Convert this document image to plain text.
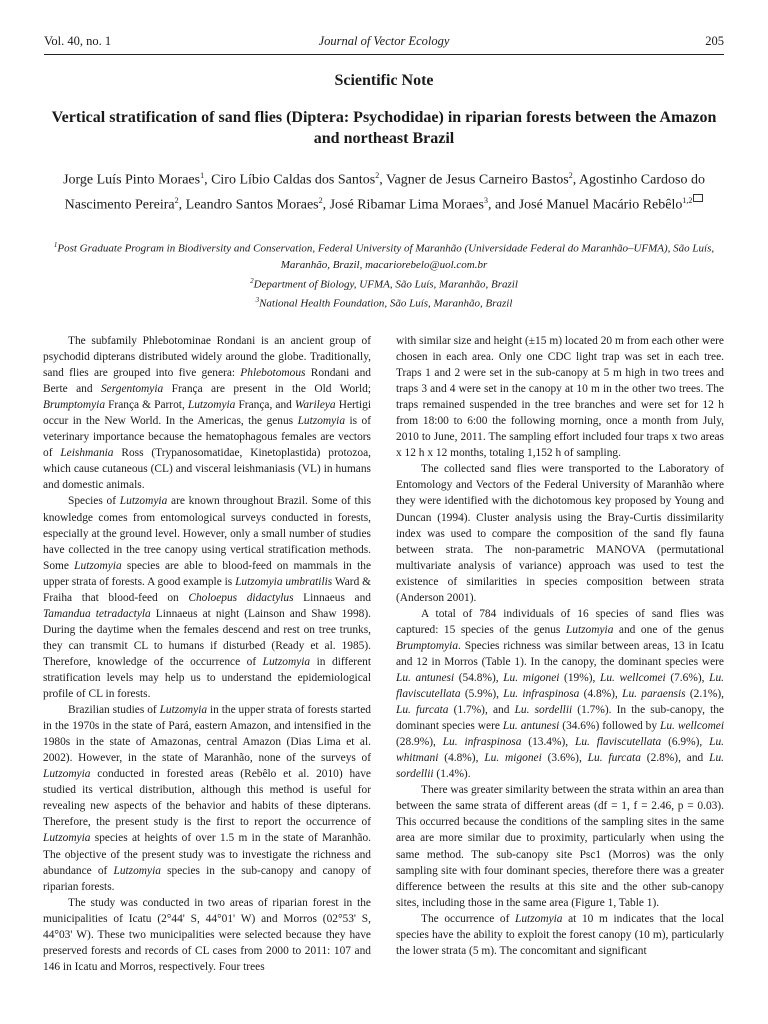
Vol. 40, no. 1	Journal of Vector Ecology	205
Scientific Note
Vertical stratification of sand flies (Diptera: Psychodidae) in riparian forests between the Amazon and northeast Brazil
Jorge Luís Pinto Moraes$^1$, Ciro Líbio Caldas dos Santos$^2$, Vagner de Jesus Carneiro Bastos$^2$, Agostinho Cardoso do Nascimento Pereira$^2$, Leandro Santos Moraes$^2$, José Ribamar Lima Moraes$^3$, and José Manuel Macário Rebêlo$^{1,2}$
$^1$Post Graduate Program in Biodiversity and Conservation, Federal University of Maranhão (Universidade Federal do Maranhão–UFMA), São Luís, Maranhão, Brazil, macariorebelo@uol.com.br
$^2$Department of Biology, UFMA, São Luís, Maranhão, Brazil
$^3$National Health Foundation, São Luís, Maranhão, Brazil

The subfamily Phlebotominae Rondani is an ancient group of psychodid dipterans distributed widely around the globe. Traditionally, sand flies are grouped into five genera: Phlebotomous Rondani and Berte and Sergentomyia França are present in the Old World; Brumptomyia França & Parrot, Lutzomyia França, and Warileya Hertigi occur in the New World. In the Americas, the genus Lutzomyia is of veterinary importance because the hematophagous females are vectors of Leishmania Ross (Trypanosomatidae, Kinetoplastida) protozoa, which cause cutaneous (CL) and visceral leishmaniasis (VL) in humans and domestic animals.

Species of Lutzomyia are known throughout Brazil. Some of this knowledge comes from entomological surveys conducted in forests, especially at the ground level. However, only a small number of studies have collected in the tree canopy using vertical stratification methods. Some Lutzomyia species are able to blood-feed on mammals in the upper strata of forests. A good example is Lutzomyia umbratilis Ward & Fraiha that blood-feed on Choloepus didactylus Linnaeus and Tamandua tetradactyla Linnaeus at night (Lainson and Shaw 1998). During the daytime when the females descend and rest on tree trunks, they can transmit CL to humans if disturbed (Ready et al. 1985). Therefore, knowledge of the occurrence of Lutzomyia in different stratification levels may help us to understand the epidemiological profile of CL in forests.

Brazilian studies of Lutzomyia in the upper strata of forests started in the 1970s in the state of Pará, eastern Amazon, and intensified in the 1980s in the state of Amazonas, central Amazon (Dias Lima et al. 2002). However, in the state of Maranhão, none of the surveys of Lutzomyia conducted in forested areas (Rebêlo et al. 2010) have studied its vertical distribution, although this method is useful for revealing new aspects of the behavior and habits of these dipterans. Therefore, the present study is the first to report the occurrence of Lutzomyia species at heights of over 1.5 m in the state of Maranhão. The objective of the present study was to investigate the richness and abundance of Lutzomyia species in the sub-canopy and canopy of riparian forests.

The study was conducted in two areas of riparian forest in the municipalities of Icatu (2°44' S, 44°01' W) and Morros (02°53' S, 44°03' W). These two municipalities were selected because they have preserved forests and records of CL cases from 2000 to 2011: 107 and 146 in Icatu and Morros, respectively. Four trees

with similar size and height (±15 m) located 20 m from each other were chosen in each area. Only one CDC light trap was set in each tree. Traps 1 and 2 were set in the sub-canopy at 5 m high in two trees and traps 3 and 4 were set in the canopy at 10 m in the other two trees. The traps remained suspended in the tree branches and were set for 12 h from 18:00 to 6:00 the following morning, once a month from July, 2010 to June, 2011. The sampling effort included four traps x two areas x 12 h x 12 months, totaling 1,152 h of sampling.

The collected sand flies were transported to the Laboratory of Entomology and Vectors of the Federal University of Maranhão where they were identified with the dichotomous key proposed by Young and Duncan (1994). Cluster analysis using the Bray-Curtis dissimilarity index was used to compare the composition of the sand fly fauna between strata. The non-parametric MANOVA (permutational multivariate analysis of variance) approach was used to test the existence of similarities in species composition between strata (Anderson 2001).

A total of 784 individuals of 16 species of sand flies was captured: 15 species of the genus Lutzomyia and one of the genus Brumptomyia. Species richness was similar between areas, 13 in Icatu and 12 in Morros (Table 1). In the canopy, the dominant species were Lu. antunesi (54.8%), Lu. migonei (19%), Lu. wellcomei (7.6%), Lu. flaviscutellata (5.9%), Lu. infraspinosa (4.8%), Lu. paraensis (2.1%), Lu. furcata (1.7%), and Lu. sordellii (1.7%). In the sub-canopy, the dominant species were Lu. antunesi (34.6%) followed by Lu. wellcomei (28.9%), Lu. infraspinosa (13.4%), Lu. flaviscutellata (6.9%), Lu. whitmani (4.8%), Lu. migonei (3.6%), Lu. furcata (2.8%), and Lu. sordellii (1.4%).

There was greater similarity between the strata within an area than between the same strata of different areas (df = 1, f = 2.46, p = 0.03). This occurred because the conditions of the sampling sites in the same area are more similar due to proximity, particularly when using the same method. The sub-canopy site Psc1 (Morros) was the only sampling site with four dominant species, therefore there was a greater difference between the results at this site and the other sub-canopy sites, including those in the same area (Figure 1, Table 1).

The occurrence of Lutzomyia at 10 m indicates that the local species have the ability to exploit the forest canopy (10 m), particularly the lower strata (5 m). The concomitant and significant
